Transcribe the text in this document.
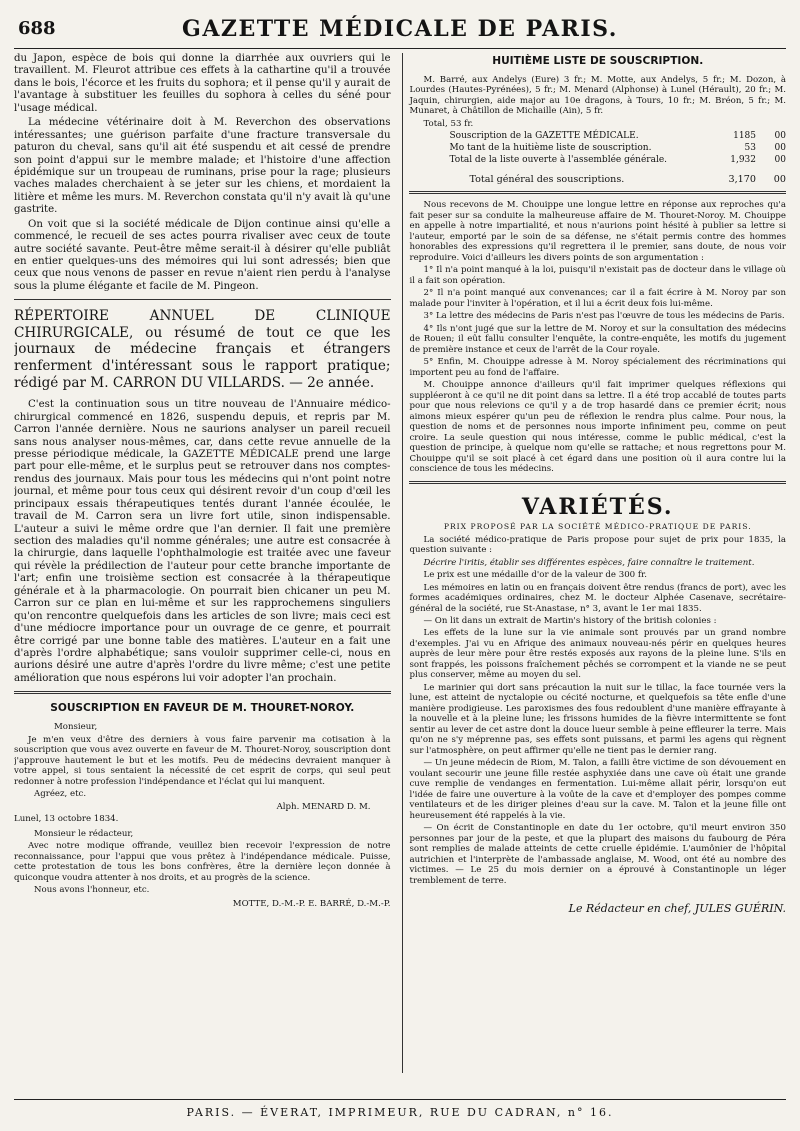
688	GAZETTE MÉDICALE DE PARIS.

du Japon, espèce de bois qui donne la diarrhée aux ouvriers qui le travaillent. M. Fleurot attribue ces effets à la cathartine qu'il a trouvée dans le bois, l'écorce et les fruits du sophora; et il pense qu'il y aurait de l'avantage à substituer les feuilles du sophora à celles du séné pour l'usage médical.

La médecine vétérinaire doit à M. Reverchon des observations intéressantes; une guérison parfaite d'une fracture transversale du paturon du cheval, sans qu'il ait été suspendu et ait cessé de prendre son point d'appui sur le membre malade; et l'histoire d'une affection épidémique sur un troupeau de ruminans, prise pour la rage; plusieurs vaches malades cherchaient à se jeter sur les chiens, et mordaient la litière et même les murs. M. Reverchon constata qu'il n'y avait là qu'une gastrite.

On voit que si la société médicale de Dijon continue ainsi qu'elle a commencé, le recueil de ses actes pourra rivaliser avec ceux de toute autre société savante. Peut-être même serait-il à désirer qu'elle publiât en entier quelques-uns des mémoires qui lui sont adressés; bien que ceux que nous venons de passer en revue n'aient rien perdu à l'analyse sous la plume élégante et facile de M. Pingeon.

RÉPERTOIRE ANNUEL DE CLINIQUE CHIRURGICALE, ou résumé de tout ce que les journaux de médecine français et étrangers renferment d'intéressant sous le rapport pratique; rédigé par M. CARRON DU VILLARDS. — 2e année.

C'est la continuation sous un titre nouveau de l'Annuaire médico-chirurgical commencé en 1826, suspendu depuis, et repris par M. Carron l'année dernière. Nous ne saurions analyser un pareil recueil sans nous analyser nous-mêmes, car, dans cette revue annuelle de la presse périodique médicale, la GAZETTE MÉDICALE prend une large part pour elle-même, et le surplus peut se retrouver dans nos comptes-rendus des journaux. Mais pour tous les médecins qui n'ont point notre journal, et même pour tous ceux qui désirent revoir d'un coup d'œil les principaux essais thérapeutiques tentés durant l'année écoulée, le travail de M. Carron sera un livre fort utile, sinon indispensable. L'auteur a suivi le même ordre que l'an dernier. Il fait une première section des maladies qu'il nomme générales; une autre est consacrée à la chirurgie, dans laquelle l'ophthalmologie est traitée avec une faveur qui révèle la prédilection de l'auteur pour cette branche importante de l'art; enfin une troisième section est consacrée à la thérapeutique générale et à la pharmacologie. On pourrait bien chicaner un peu M. Carron sur ce plan en lui-même et sur les rapprochemens singuliers qu'on rencontre quelquefois dans les articles de son livre; mais ceci est d'une médiocre importance pour un ouvrage de ce genre, et pourrait être corrigé par une bonne table des matières. L'auteur en a fait une d'après l'ordre alphabétique; sans vouloir supprimer celle-ci, nous en aurions désiré une autre d'après l'ordre du livre même; c'est une petite amélioration que nous espérons lui voir adopter l'an prochain.

SOUSCRIPTION EN FAVEUR DE M. THOURET-NOROY.

Monsieur,

Je m'en veux d'être des derniers à vous faire parvenir ma cotisation à la souscription que vous avez ouverte en faveur de M. Thouret-Noroy, souscription dont j'approuve hautement le but et les motifs. Peu de médecins devraient manquer à votre appel, si tous sentaient la nécessité de cet esprit de corps, qui seul peut redonner à notre profession l'indépendance et l'éclat qui lui manquent.

Agréez, etc.

Alph. MENARD D. M.

Lunel, 13 octobre 1834.

Monsieur le rédacteur,

Avec notre modique offrande, veuillez bien recevoir l'expression de notre reconnaissance, pour l'appui que vous prêtez à l'indépendance médicale. Puisse, cette protestation de tous les bons confrères, être la dernière leçon donnée à quiconque voudra attenter à nos droits, et au progrès de la science.

Nous avons l'honneur, etc.

MOTTE, D.-M.-P. E. BARRÉ, D.-M.-P.
HUITIÈME LISTE DE SOUSCRIPTION.

M. Barré, aux Andelys (Eure) 3 fr.; M. Motte, aux Andelys, 5 fr.; M. Dozon, à Lourdes (Hautes-Pyrénées), 5 fr.; M. Menard (Alphonse) à Lunel (Hérault), 20 fr.; M. Jaquin, chirurgien, aide major au 10e dragons, à Tours, 10 fr.; M. Bréon, 5 fr.; M. Munaret, à Châtillon de Michaille (Ain), 5 fr.

Total, 53 fr.

Souscription de la GAZETTE MÉDICALE.	1185	00
Mo tant de la huitième liste de souscription.	53	00
Total de la liste ouverte à l'assemblée générale.	1,932	00
Total général des souscriptions.	3,170	00

Nous recevons de M. Chouippe une longue lettre en réponse aux reproches qu'a fait peser sur sa conduite la malheureuse affaire de M. Thouret-Noroy. M. Chouippe en appelle à notre impartialité, et nous n'aurions point hésité à publier sa lettre si l'auteur, emporté par le soin de sa défense, ne s'était permis contre des hommes honorables des expressions qu'il regrettera il le premier, sans doute, de nous voir reproduire. Voici d'ailleurs les divers points de son argumentation :

1° Il n'a point manqué à la loi, puisqu'il n'existait pas de docteur dans le village où il a fait son opération.

2° Il n'a point manqué aux convenances; car il a fait écrire à M. Noroy par son malade pour l'inviter à l'opération, et il lui a écrit deux fois lui-même.

3° La lettre des médecins de Paris n'est pas l'œuvre de tous les médecins de Paris.

4° Ils n'ont jugé que sur la lettre de M. Noroy et sur la consultation des médecins de Rouen; il eût fallu consulter l'enquête, la contre-enquête, les motifs du jugement de première instance et ceux de l'arrêt de la Cour royale.

5° Enfin, M. Chouippe adresse à M. Noroy spécialement des récriminations qui importent peu au fond de l'affaire.

M. Chouippe annonce d'ailleurs qu'il fait imprimer quelques réflexions qui suppléeront à ce qu'il ne dit point dans sa lettre. Il a été trop accablé de toutes parts pour que nous relevions ce qu'il y a de trop hasardé dans ce premier écrit; nous aimons mieux espérer qu'un peu de réflexion le rendra plus calme. Pour nous, la question de noms et de personnes nous importe infiniment peu, comme on peut croire. La seule question qui nous intéresse, comme le public médical, c'est la question de principe, à quelque nom qu'elle se rattache; et nous regrettons pour M. Chouippe qu'il se soit placé à cet égard dans une position où il aura contre lui la conscience de tous les médecins.

VARIÉTÉS.
PRIX PROPOSÉ PAR LA SOCIÉTÉ MÉDICO-PRATIQUE DE PARIS.

La société médico-pratique de Paris propose pour sujet de prix pour 1835, la question suivante :

Décrire l'iritis, établir ses différentes espèces, faire connaître le traitement.

Le prix est une médaille d'or de la valeur de 300 fr.

Les mémoires en latin ou en français doivent être rendus (francs de port), avec les formes académiques ordinaires, chez M. le docteur Alphée Casenave, secrétaire-général de la société, rue St-Anastase, n° 3, avant le 1er mai 1835.

— On lit dans un extrait de Martin's history of the british colonies :

Les effets de la lune sur la vie animale sont prouvés par un grand nombre d'exemples. J'ai vu en Afrique des animaux nouveau-nés périr en quelques heures auprès de leur mère pour être restés exposés aux rayons de la pleine lune. S'ils en sont frappés, les poissons fraîchement pêchés se corrompent et la viande ne se peut plus conserver, même au moyen du sel.

Le marinier qui dort sans précaution la nuit sur le tillac, la face tournée vers la lune, est atteint de nyctalopie ou cécité nocturne, et quelquefois sa tête enfle d'une manière prodigieuse. Les paroxismes des fous redoublent d'une manière effrayante à la nouvelle et à la pleine lune; les frissons humides de la fièvre intermittente se font sentir au lever de cet astre dont la douce lueur semble à peine effleurer la terre. Mais qu'on ne s'y méprenne pas, ses effets sont puissans, et parmi les agens qui règnent sur l'atmosphère, on peut affirmer qu'elle ne tient pas le dernier rang.

— Un jeune médecin de Riom, M. Talon, a failli être victime de son dévouement en voulant secourir une jeune fille restée asphyxiée dans une cave où était une grande cuve remplie de vendanges en fermentation. Lui-même allait périr, lorsqu'on eut l'idée de faire une ouverture à la voûte de la cave et d'employer des pompes comme ventilateurs et de les diriger pleines d'eau sur la cave. M. Talon et la jeune fille ont heureusement été rappelés à la vie.

— On écrit de Constantinople en date du 1er octobre, qu'il meurt environ 350 personnes par jour de la peste, et que la plupart des maisons du faubourg de Péra sont remplies de malade atteints de cette cruelle épidémie. L'aumônier de l'hôpital autrichien et l'interprète de l'ambassade anglaise, M. Wood, ont été au nombre des victimes. — Le 25 du mois dernier on a éprouvé à Constantinople un léger tremblement de terre.

Le Rédacteur en chef, JULES GUÉRIN.
PARIS. — ÉVERAT, IMPRIMEUR, RUE DU CADRAN, n° 16.
